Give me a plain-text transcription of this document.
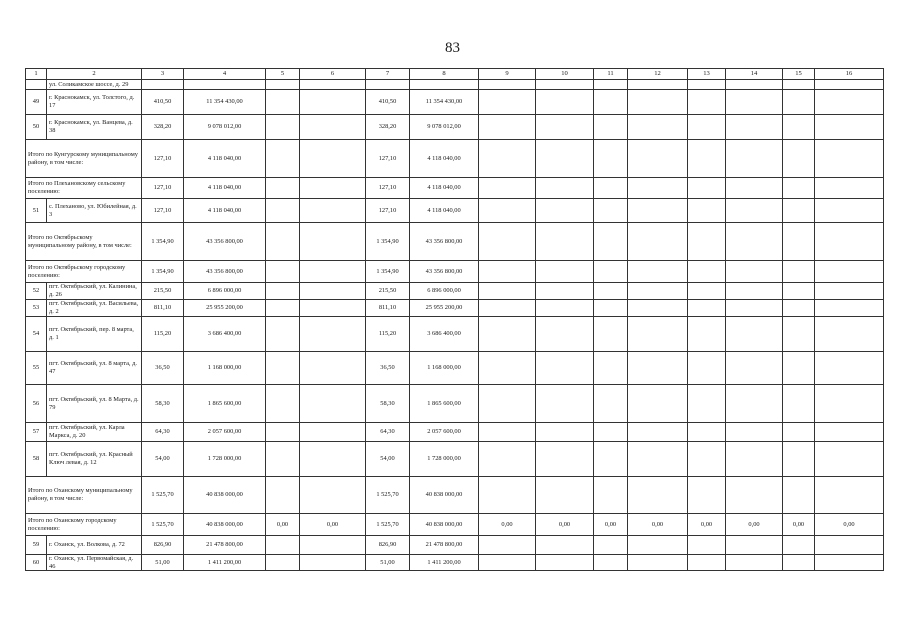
83
1	2	3	4	5	6	7	8	9	10	11	12	13	14	15	16
	ул. Соликамское шоссе, д. 29														
49	г. Краснокамск, ул. Толстого, д. 17	410,50	11 354 430,00			410,50	11 354 430,00								
50	г. Краснокамск, ул. Ванцева, д. 38	328,20	9 078 012,00			328,20	9 078 012,00								
Итого по Кунгурскому муниципальному району, в том числе:		127,10	4 118 040,00			127,10	4 118 040,00								
Итого по Плехановскому сельскому поселению:		127,10	4 118 040,00			127,10	4 118 040,00								
51	с. Плеханово, ул. Юбилейная, д. 3	127,10	4 118 040,00			127,10	4 118 040,00								
Итого по Октябрьскому муниципальному району, в том числе:		1 354,90	43 356 800,00			1 354,90	43 356 800,00								
Итого по Октябрьскому городскому поселению:		1 354,90	43 356 800,00			1 354,90	43 356 800,00								
52	пгт. Октябрьский, ул. Калинина, д. 26	215,50	6 896 000,00			215,50	6 896 000,00								
53	пгт. Октябрьский, ул. Васильева, д. 2	811,10	25 955 200,00			811,10	25 955 200,00								
54	пгт. Октябрьский, пер. 8 марта, д. 1	115,20	3 686 400,00			115,20	3 686 400,00								
55	пгт. Октябрьский, ул. 8 марта, д. 47	36,50	1 168 000,00			36,50	1 168 000,00								
56	пгт. Октябрьский, ул. 8 Марта, д. 79	58,30	1 865 600,00			58,30	1 865 600,00								
57	пгт. Октябрьский, ул. Карла Маркса, д. 20	64,30	2 057 600,00			64,30	2 057 600,00								
58	пгт. Октябрьский, ул. Красный Ключ левая, д. 12	54,00	1 728 000,00			54,00	1 728 000,00								
Итого по Оханскому муниципальному району, в том числе:		1 525,70	40 838 000,00			1 525,70	40 838 000,00								
Итого по Оханскому городскому поселению:		1 525,70	40 838 000,00	0,00	0,00	1 525,70	40 838 000,00	0,00	0,00	0,00	0,00	0,00	0,00	0,00	0,00
59	г. Оханск, ул. Волкова, д. 72	826,90	21 478 800,00			826,90	21 478 800,00								
60	г. Оханск, ул. Первомайская, д. 46	51,00	1 411 200,00			51,00	1 411 200,00								
